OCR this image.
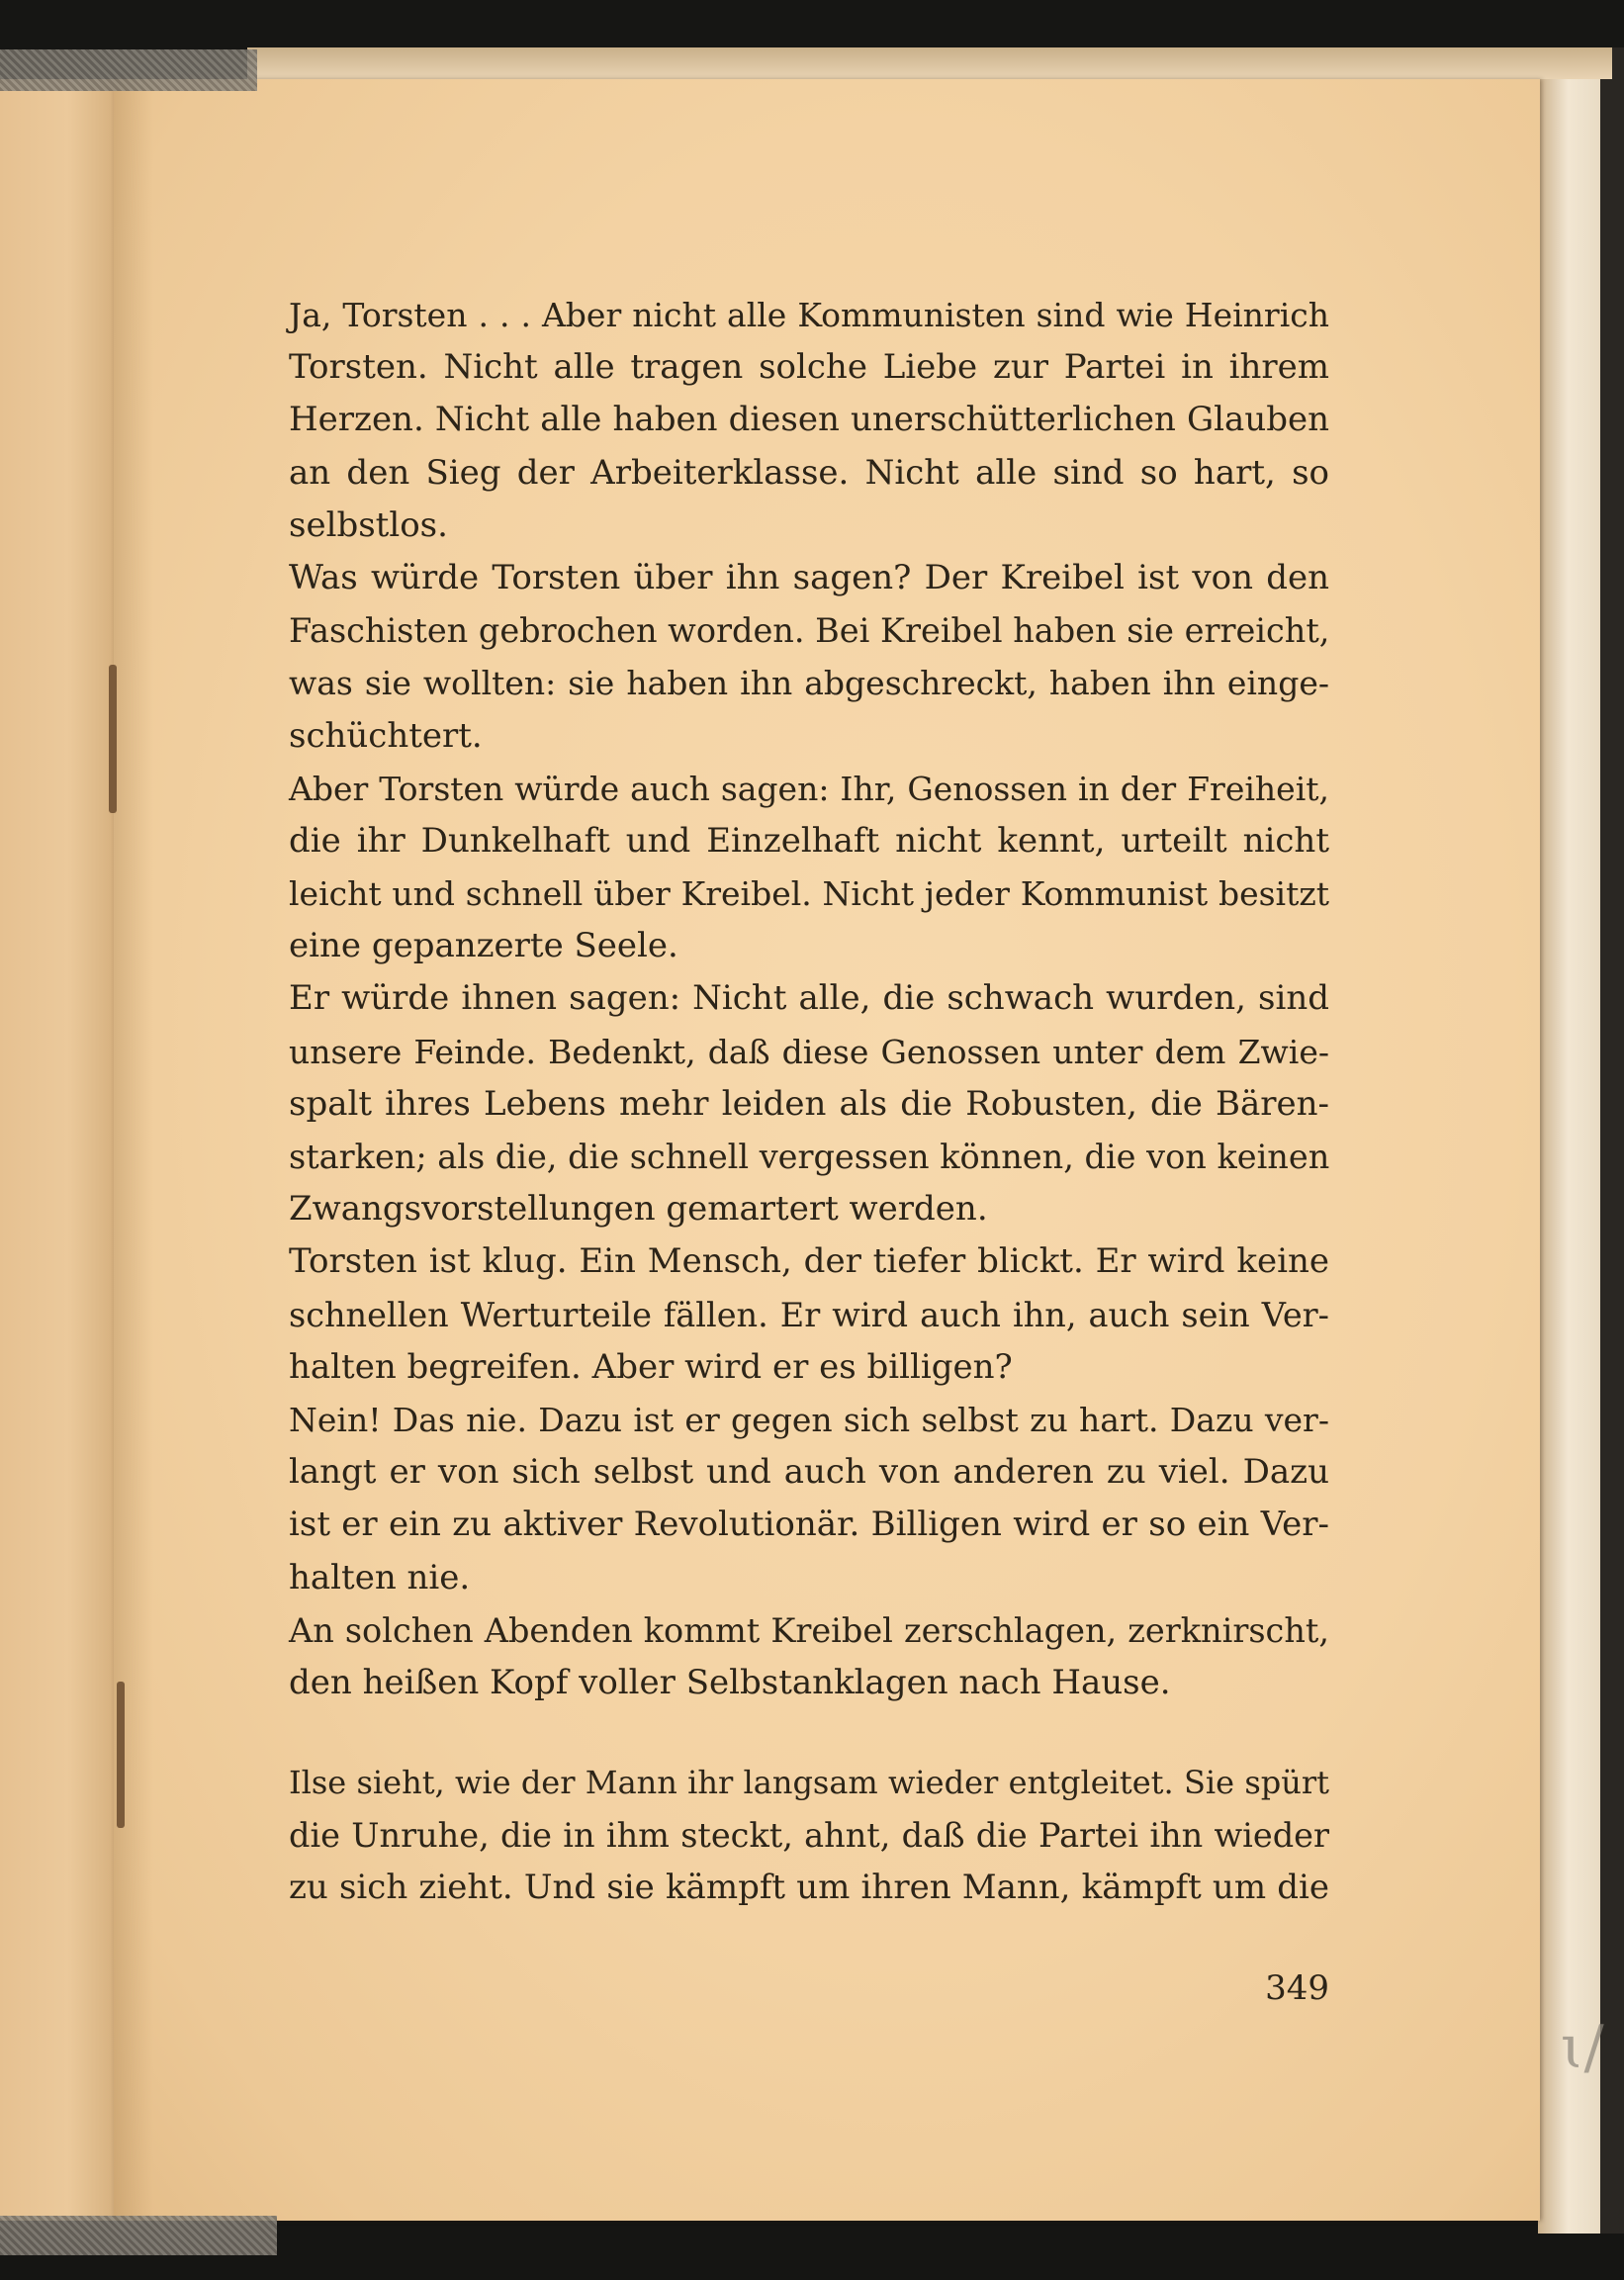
ɩ/
Ja, Torsten . . . Aber nicht alle Kommunisten sind wie Heinrich
Torsten. Nicht alle tragen solche Liebe zur Partei in ihrem
Herzen. Nicht alle haben diesen unerschütterlichen Glauben
an den Sieg der Arbeiterklasse. Nicht alle sind so hart, so
selbstlos.
Was würde Torsten über ihn sagen? Der Kreibel ist von den
Faschisten gebrochen worden. Bei Kreibel haben sie erreicht,
was sie wollten: sie haben ihn abgeschreckt, haben ihn einge-
schüchtert.
Aber Torsten würde auch sagen: Ihr, Genossen in der Freiheit,
die ihr Dunkelhaft und Einzelhaft nicht kennt, urteilt nicht
leicht und schnell über Kreibel. Nicht jeder Kommunist besitzt
eine gepanzerte Seele.
Er würde ihnen sagen: Nicht alle, die schwach wurden, sind
unsere Feinde. Bedenkt, daß diese Genossen unter dem Zwie-
spalt ihres Lebens mehr leiden als die Robusten, die Bären-
starken; als die, die schnell vergessen können, die von keinen
Zwangsvorstellungen gemartert werden.
Torsten ist klug. Ein Mensch, der tiefer blickt. Er wird keine
schnellen Werturteile fällen. Er wird auch ihn, auch sein Ver-
halten begreifen. Aber wird er es billigen?
Nein! Das nie. Dazu ist er gegen sich selbst zu hart. Dazu ver-
langt er von sich selbst und auch von anderen zu viel. Dazu
ist er ein zu aktiver Revolutionär. Billigen wird er so ein Ver-
halten nie.
An solchen Abenden kommt Kreibel zerschlagen, zerknirscht,
den heißen Kopf voller Selbstanklagen nach Hause.
Ilse sieht, wie der Mann ihr langsam wieder entgleitet. Sie spürt
die Unruhe, die in ihm steckt, ahnt, daß die Partei ihn wieder
zu sich zieht. Und sie kämpft um ihren Mann, kämpft um die
349
